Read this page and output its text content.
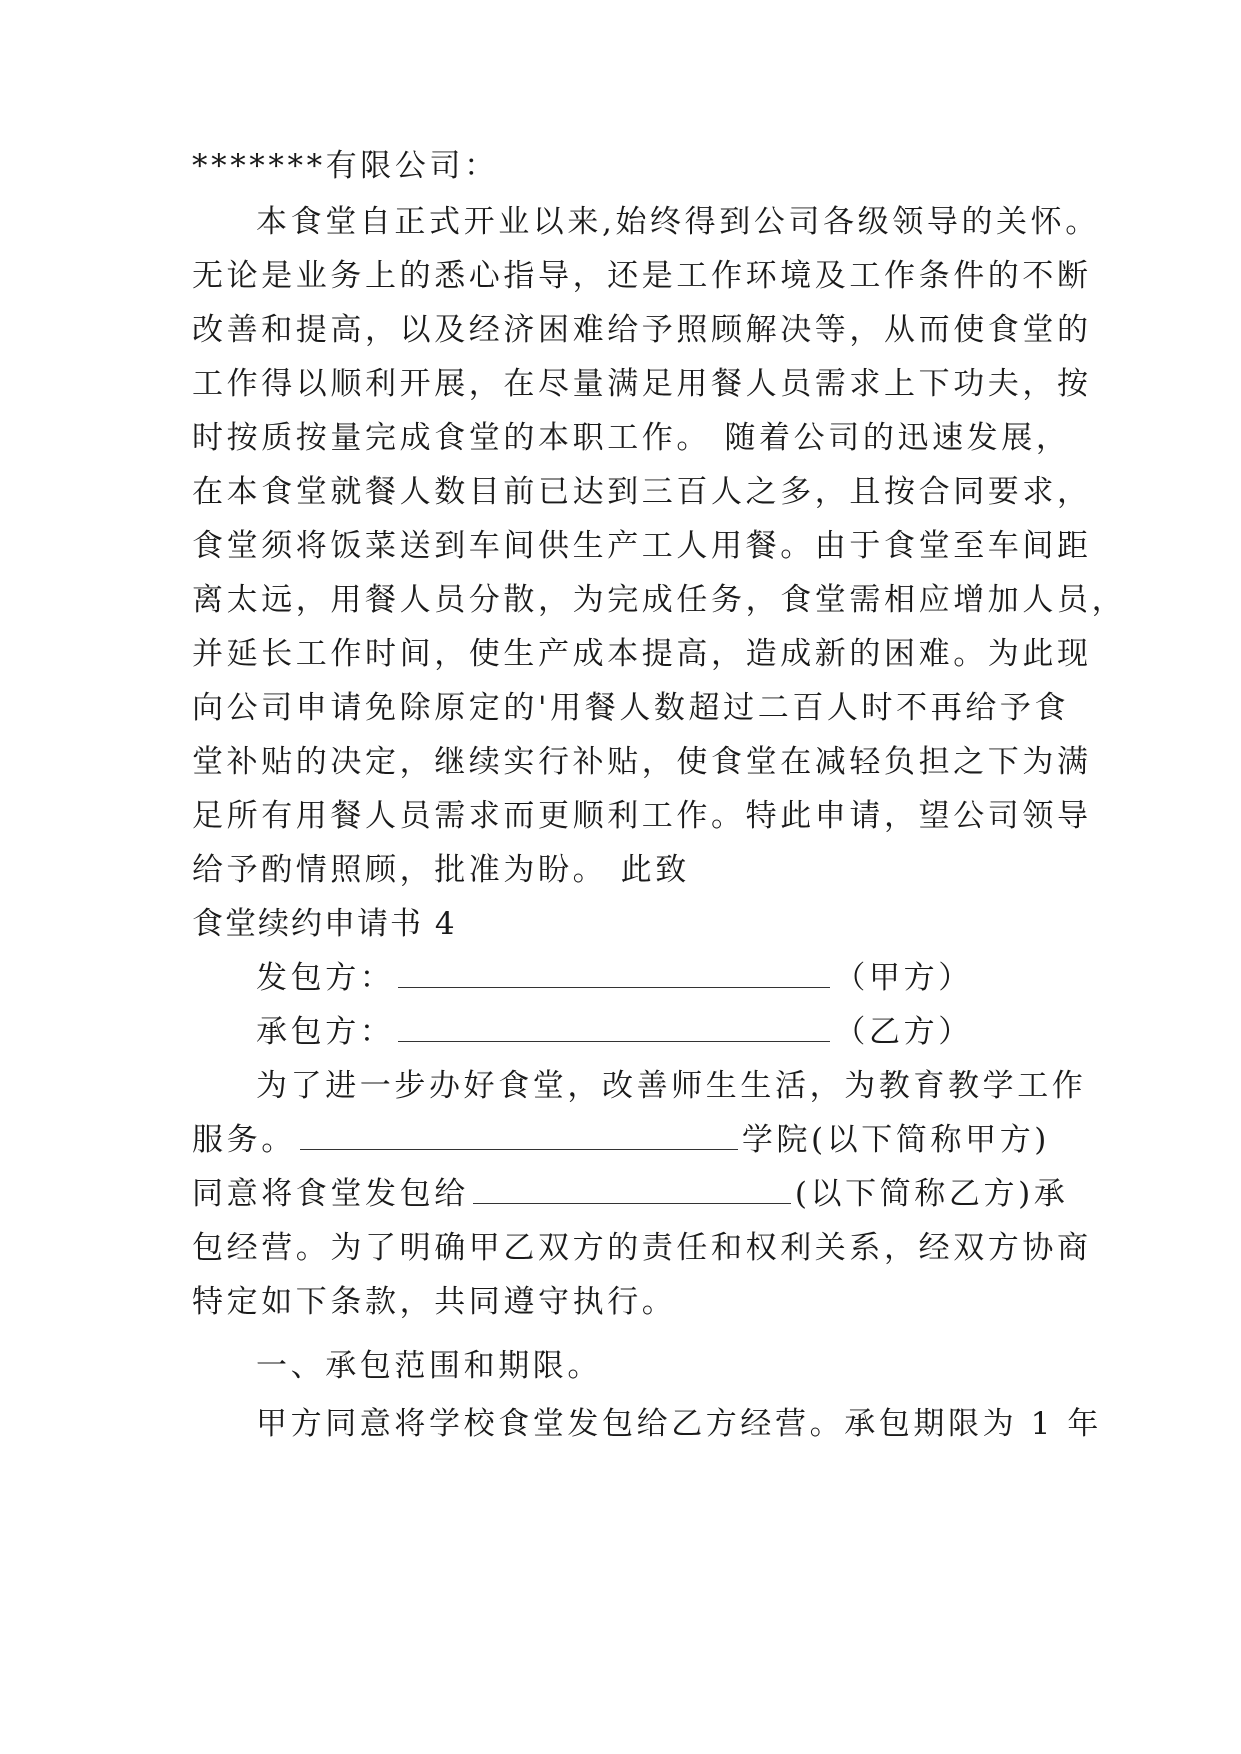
*******有限公司：
本食堂自正式开业以来,始终得到公司各级领导的关怀。
无论是业务上的悉心指导，还是工作环境及工作条件的不断
改善和提高，以及经济困难给予照顾解决等，从而使食堂的
工作得以顺利开展，在尽量满足用餐人员需求上下功夫，按
时按质按量完成食堂的本职工作。 随着公司的迅速发展，
在本食堂就餐人数目前已达到三百人之多，且按合同要求，
食堂须将饭菜送到车间供生产工人用餐。由于食堂至车间距
离太远，用餐人员分散，为完成任务，食堂需相应增加人员，
并延长工作时间，使生产成本提高，造成新的困难。为此现
向公司申请免除原定的'用餐人数超过二百人时不再给予食
堂补贴的决定，继续实行补贴，使食堂在减轻负担之下为满
足所有用餐人员需求而更顺利工作。特此申请，望公司领导
给予酌情照顾，批准为盼。 此致
食堂续约申请书 4
发包方：	（甲方）
承包方：	（乙方）
为了进一步办好食堂，改善师生生活，为教育教学工作
服务。	学院(以下简称甲方)
同意将食堂发包给	(以下简称乙方)承
包经营。为了明确甲乙双方的责任和权利关系，经双方协商
特定如下条款，共同遵守执行。
一、承包范围和期限。
甲方同意将学校食堂发包给乙方经营。承包期限为 1 年
